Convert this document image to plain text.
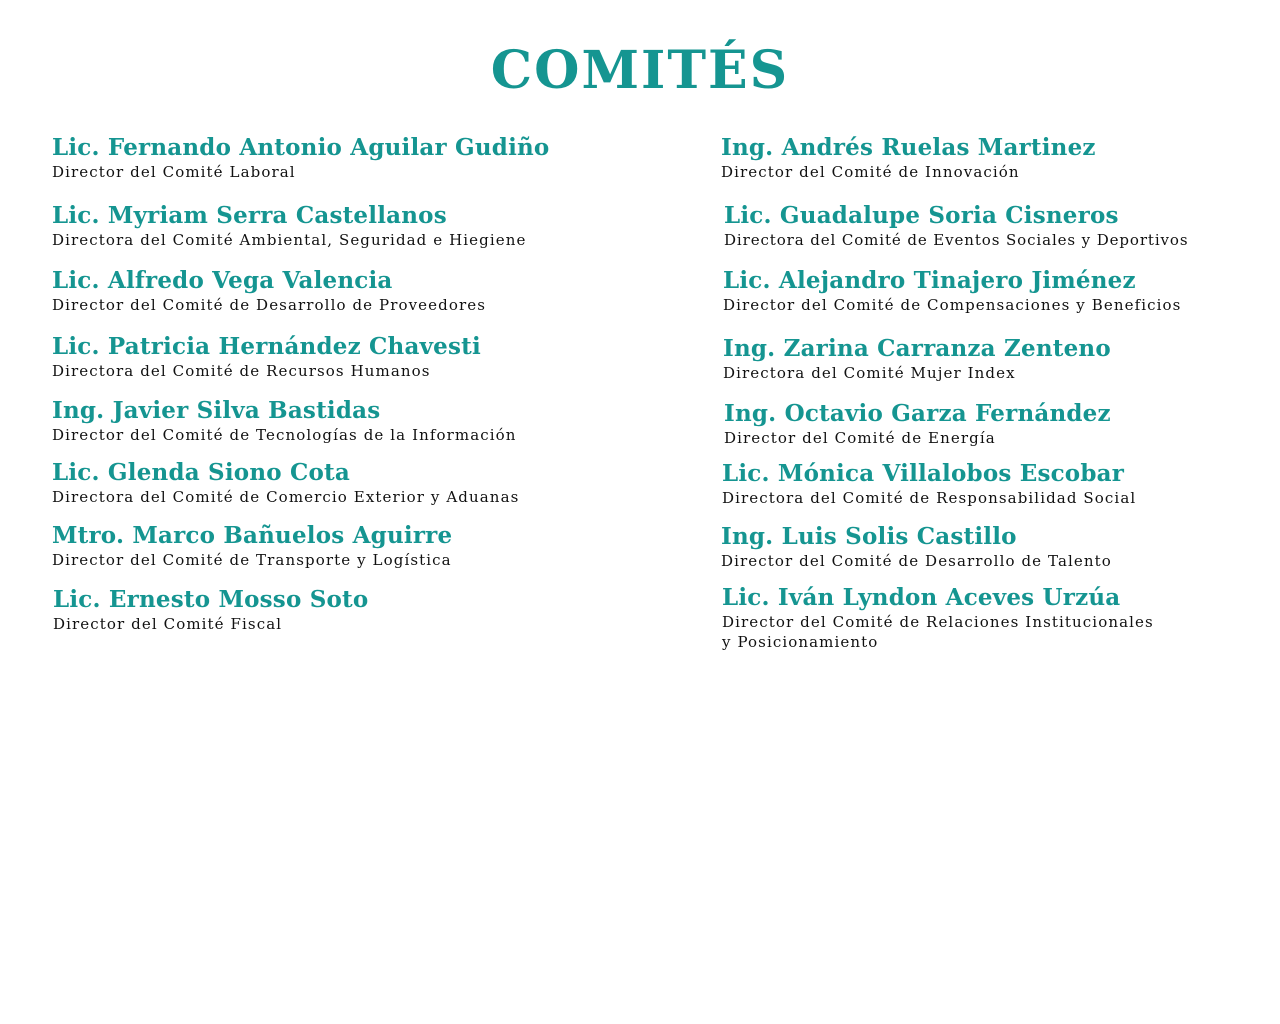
COMITÉS
Lic. Fernando Antonio Aguilar Gudiño
Director del Comité Laboral
Lic. Myriam Serra Castellanos
Directora del Comité Ambiental, Seguridad e Hiegiene
Lic. Alfredo Vega Valencia
Director del Comité de Desarrollo de Proveedores
Lic. Patricia Hernández Chavesti
Directora del Comité de Recursos Humanos
Ing. Javier Silva Bastidas
Director del Comité de Tecnologías de la Información
Lic. Glenda Siono Cota
Directora del Comité de Comercio Exterior y Aduanas
Mtro. Marco Bañuelos Aguirre
Director del Comité de Transporte y Logística
Lic. Ernesto Mosso Soto
Director del Comité Fiscal
Ing. Andrés Ruelas Martinez
Director del Comité de Innovación
Lic. Guadalupe Soria Cisneros
Directora del Comité de Eventos Sociales y Deportivos
Lic. Alejandro Tinajero Jiménez
Director del Comité de Compensaciones y Beneficios
Ing. Zarina Carranza Zenteno
Directora del Comité Mujer Index
Ing. Octavio Garza Fernández
Director del Comité de Energía
Lic. Mónica Villalobos Escobar
Directora del Comité de Responsabilidad Social
Ing. Luis Solis Castillo
Director del Comité de Desarrollo de Talento
Lic. Iván Lyndon Aceves Urzúa
Director del Comité de Relaciones Institucionales
y Posicionamiento
